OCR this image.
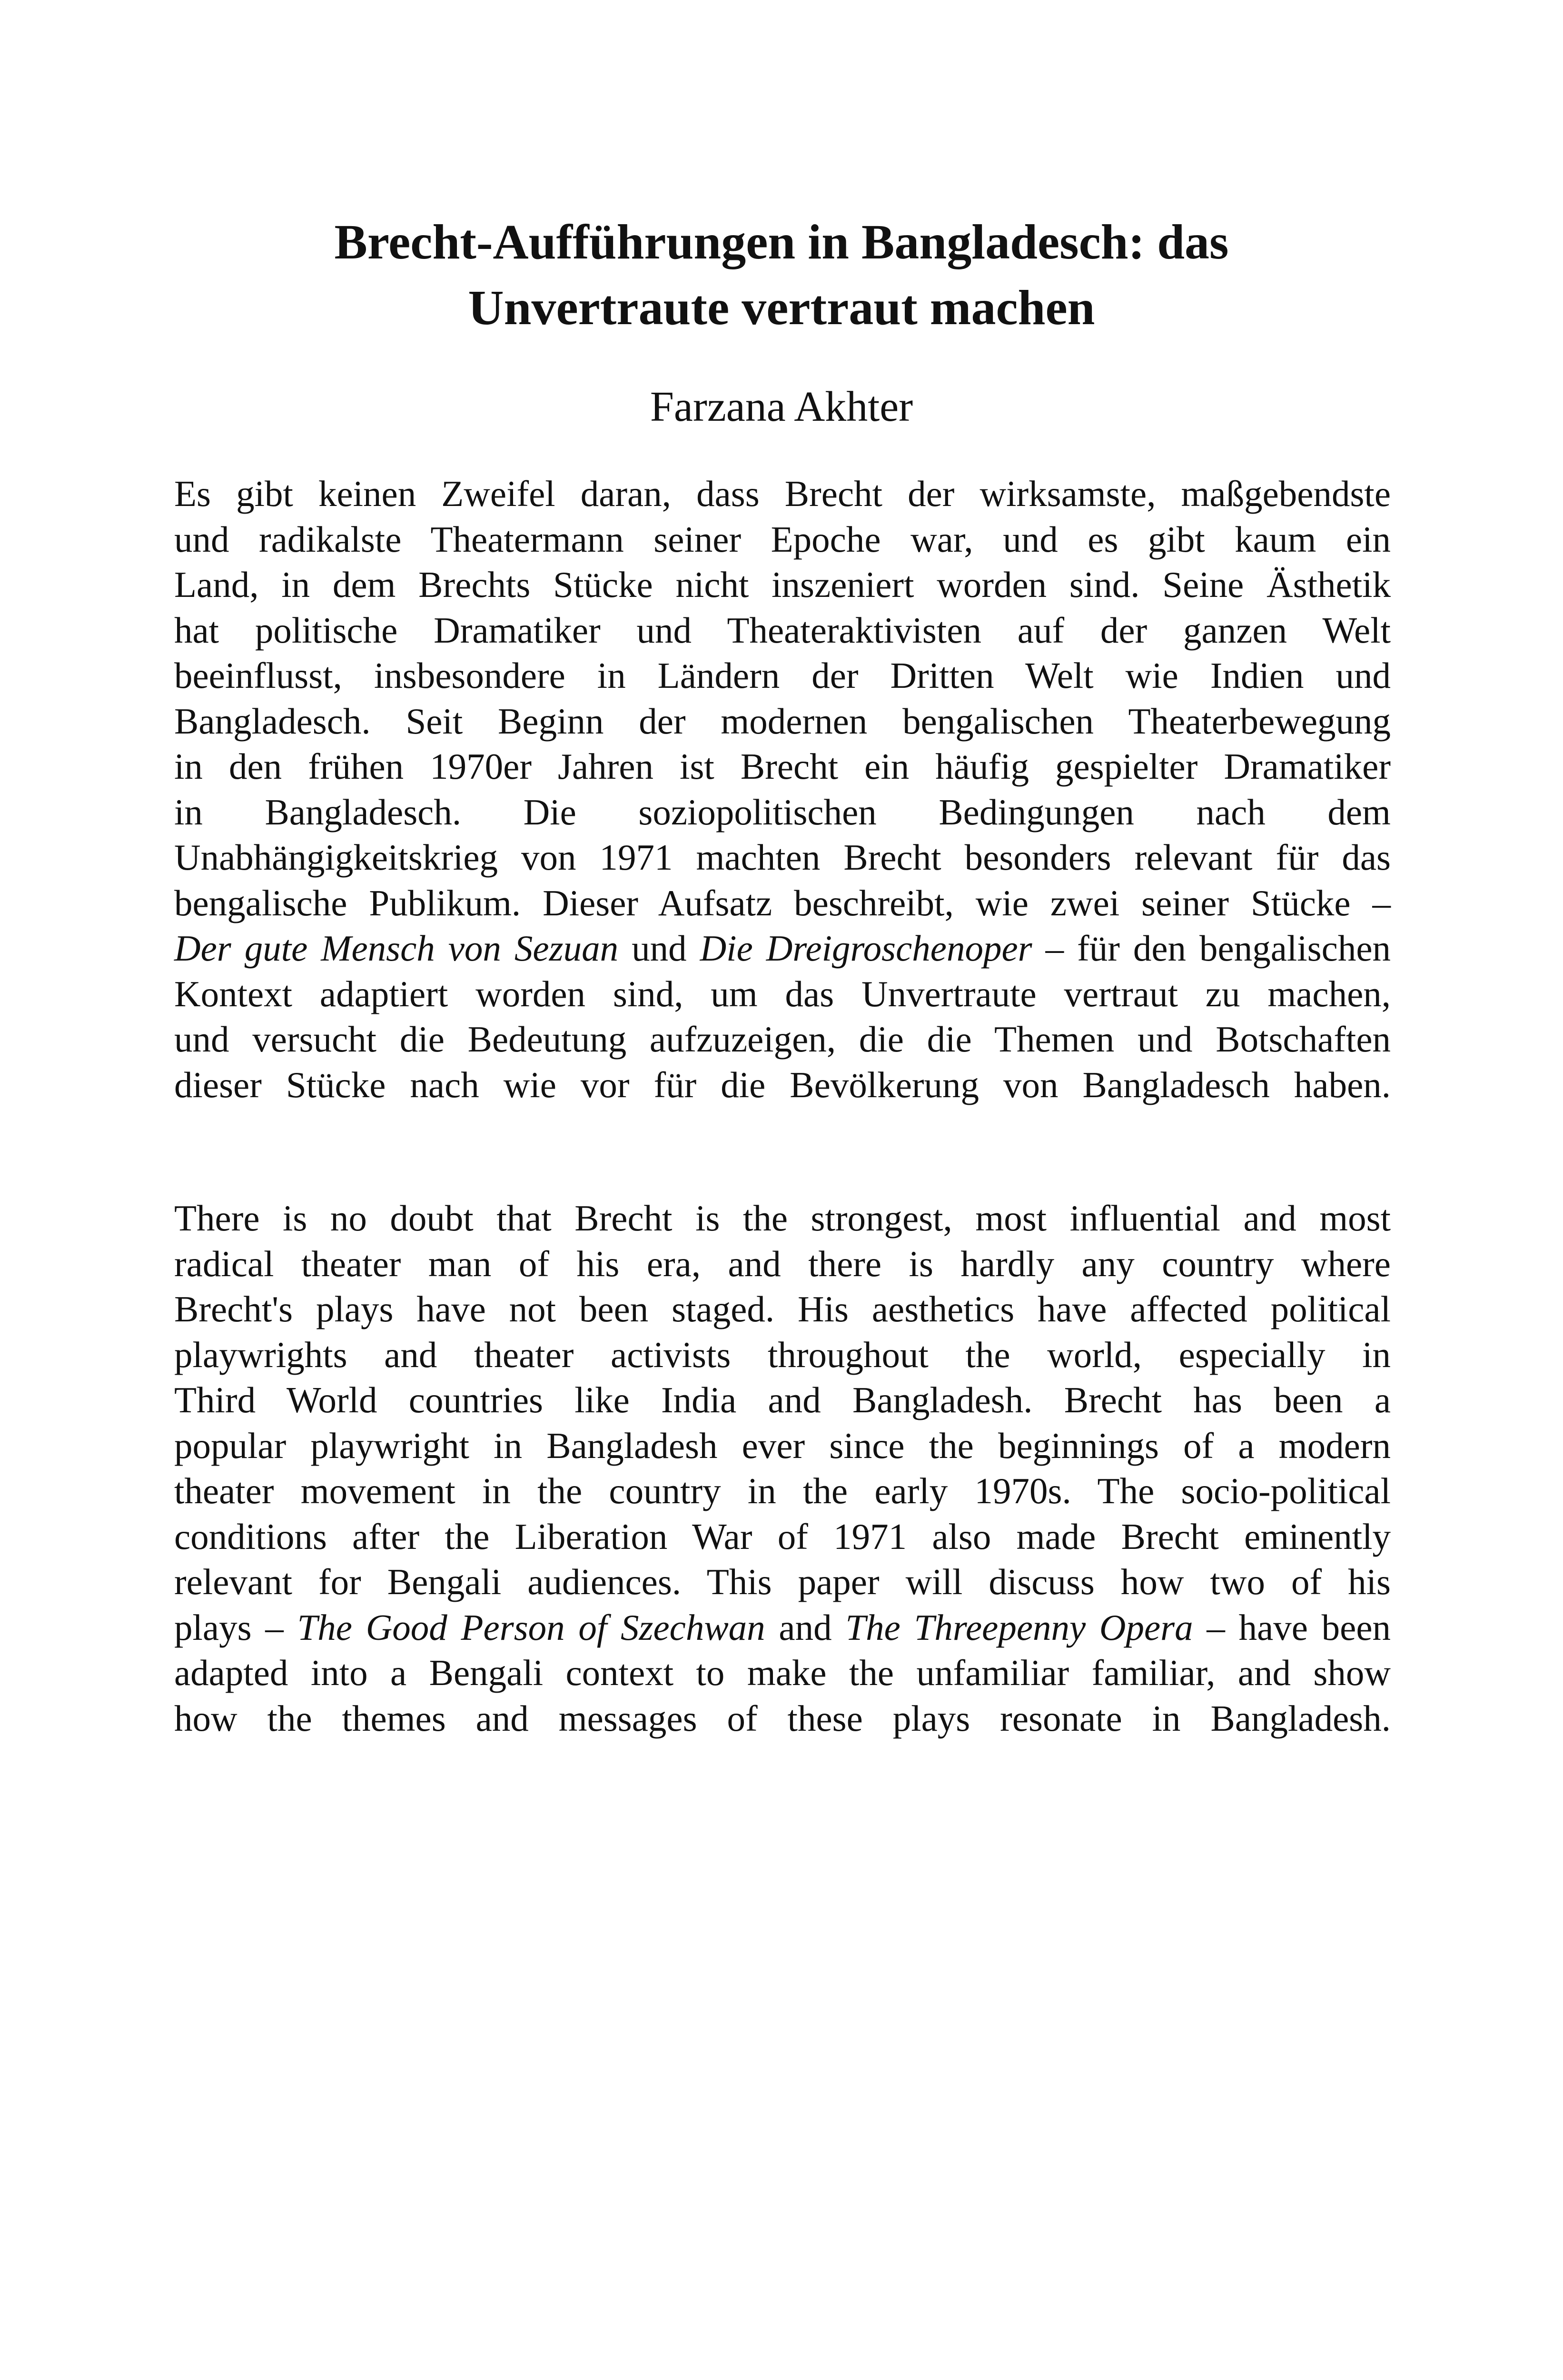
Brecht-Aufführungen in Bangladesch: das
Unvertraute vertraut machen

Farzana Akhter

Es gibt keinen Zweifel daran, dass Brecht der wirksamste, maßgebendste
und radikalste Theatermann seiner Epoche war, und es gibt kaum ein
Land, in dem Brechts Stücke nicht inszeniert worden sind. Seine Ästhetik
hat politische Dramatiker und Theateraktivisten auf der ganzen Welt
beeinflusst, insbesondere in Ländern der Dritten Welt wie Indien und
Bangladesch. Seit Beginn der modernen bengalischen Theaterbewegung
in den frühen 1970er Jahren ist Brecht ein häufig gespielter Dramatiker
in Bangladesch. Die soziopolitischen Bedingungen nach dem
Unabhängigkeitskrieg von 1971 machten Brecht besonders relevant für das
bengalische Publikum. Dieser Aufsatz beschreibt, wie zwei seiner Stücke –
Der gute Mensch von Sezuan und Die Dreigroschenoper – für den bengalischen
Kontext adaptiert worden sind, um das Unvertraute vertraut zu machen,
und versucht die Bedeutung aufzuzeigen, die die Themen und Botschaften
dieser Stücke nach wie vor für die Bevölkerung von Bangladesch haben.
There is no doubt that Brecht is the strongest, most influential and most
radical theater man of his era, and there is hardly any country where
Brecht's plays have not been staged. His aesthetics have affected political
playwrights and theater activists throughout the world, especially in
Third World countries like India and Bangladesh. Brecht has been a
popular playwright in Bangladesh ever since the beginnings of a modern
theater movement in the country in the early 1970s. The socio-political
conditions after the Liberation War of 1971 also made Brecht eminently
relevant for Bengali audiences. This paper will discuss how two of his
plays – The Good Person of Szechwan and The Threepenny Opera – have been
adapted into a Bengali context to make the unfamiliar familiar, and show
how the themes and messages of these plays resonate in Bangladesh.
